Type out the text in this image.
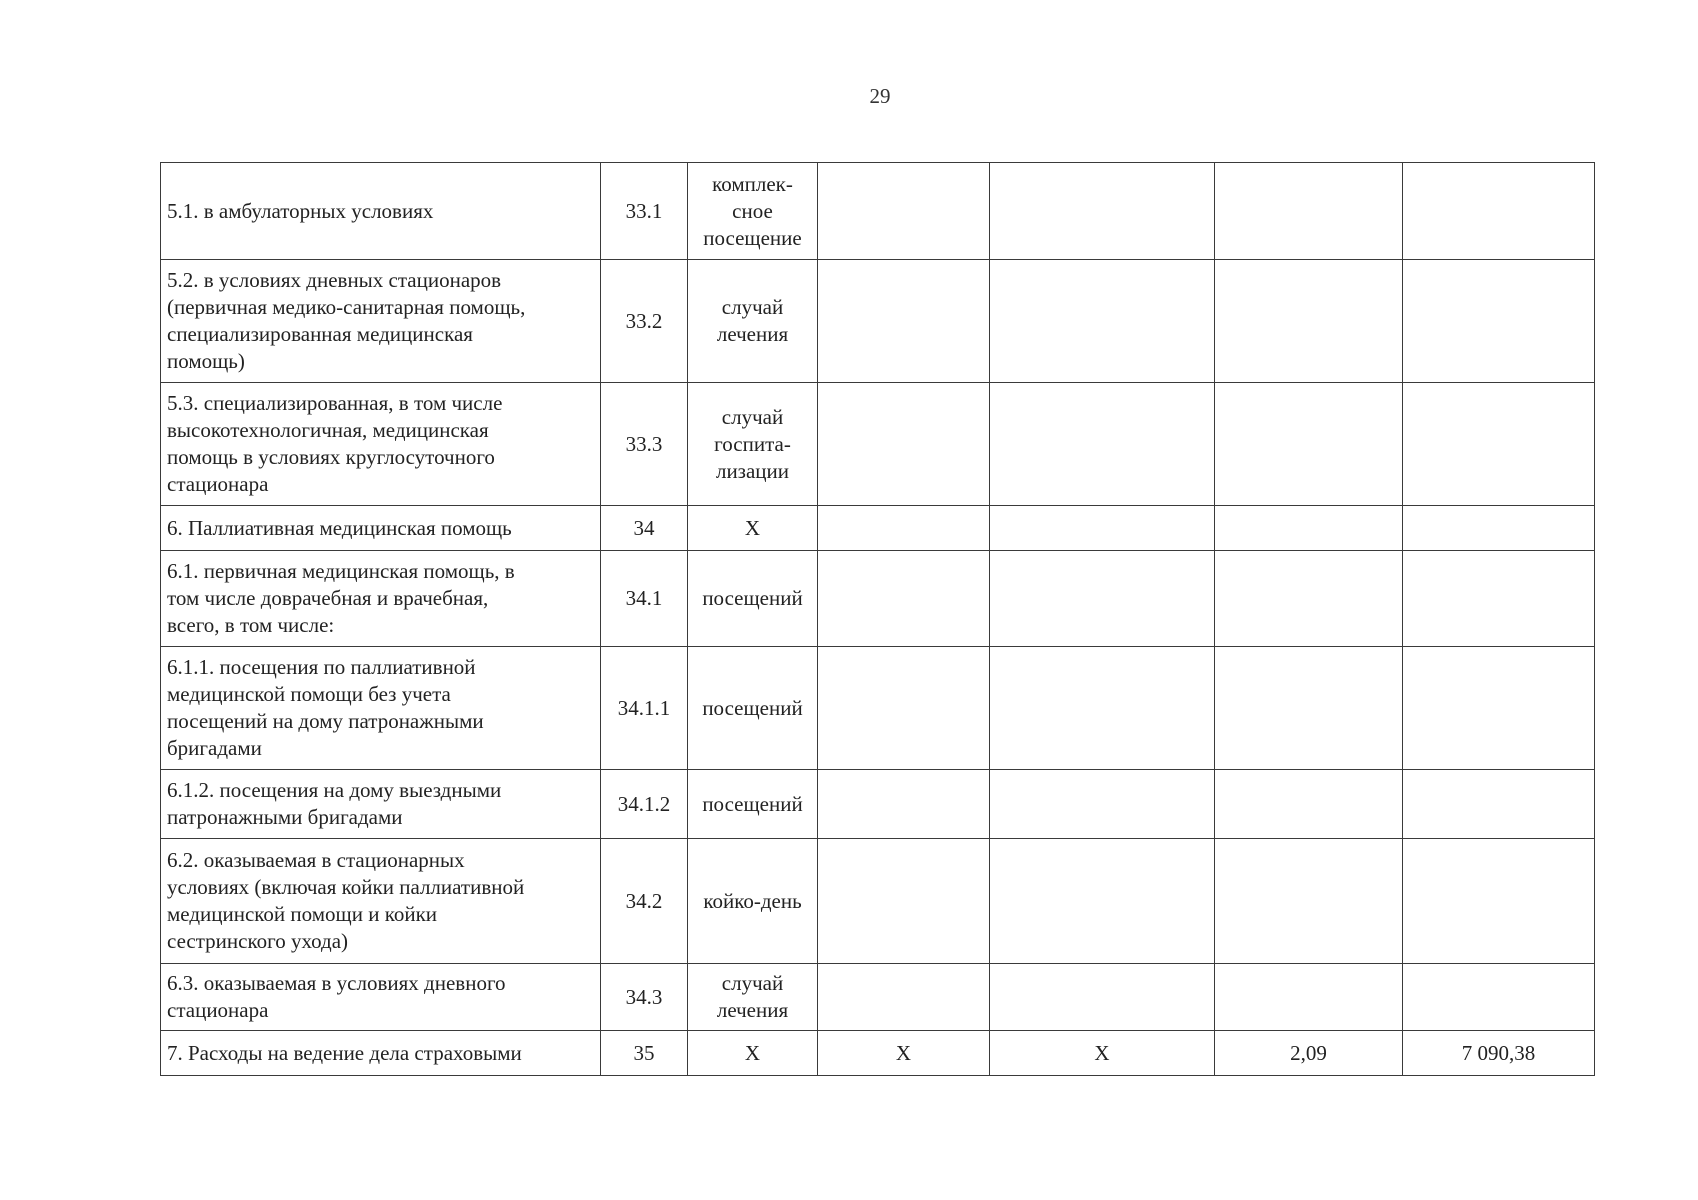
29
5.1. в амбулаторных условиях	33.1	комплек-
сное
посещение				

5.2. в условиях дневных стационаров
(первичная медико-санитарная помощь,
специализированная медицинская
помощь)	33.2	случай
лечения				

5.3. специализированная, в том числе
высокотехнологичная, медицинская
помощь в условиях круглосуточного
стационара	33.3	случай
госпита-
лизации				

6. Паллиативная медицинская помощь	34	Х				

6.1. первичная медицинская помощь, в
том числе доврачебная и врачебная,
всего, в том числе:	34.1	посещений				

6.1.1. посещения по паллиативной
медицинской помощи без учета
посещений на дому патронажными
бригадами	34.1.1	посещений				

6.1.2. посещения на дому выездными
патронажными бригадами	34.1.2	посещений				

6.2. оказываемая в стационарных
условиях (включая койки паллиативной
медицинской помощи и койки
сестринского ухода)	34.2	койко-день				

6.3. оказываемая в условиях дневного
стационара	34.3	случай
лечения				

7. Расходы на ведение дела страховыми	35	Х	Х	Х	2,09	7 090,38
